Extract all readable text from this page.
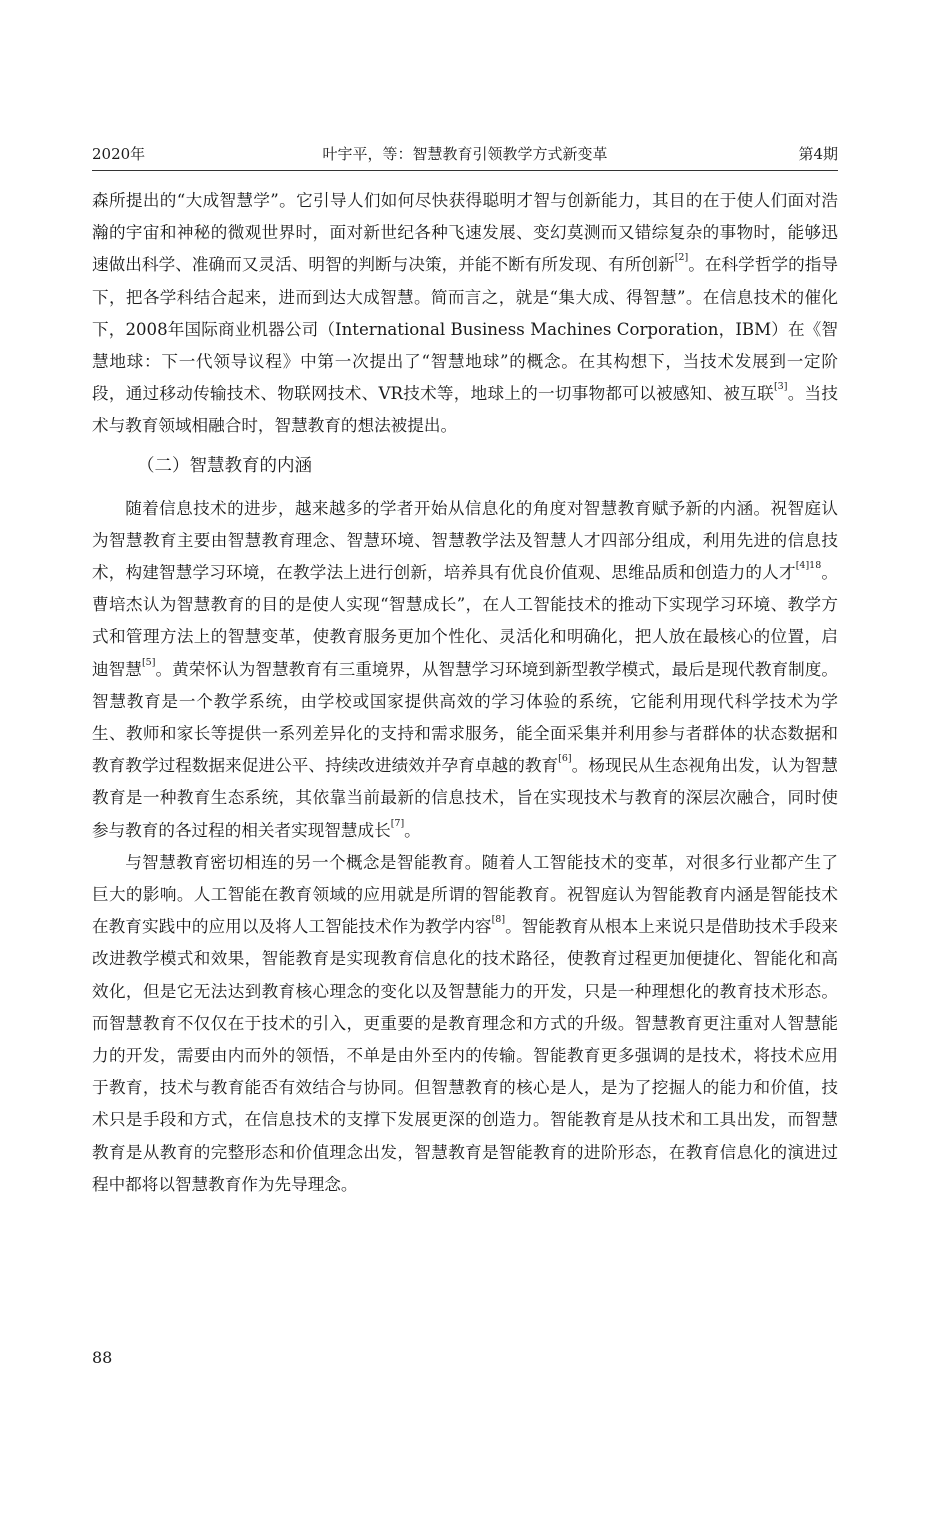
2020年	叶宇平，等：智慧教育引领教学方式新变革	第4期

森所提出的“大成智慧学”。它引导人们如何尽快获得聪明才智与创新能力，其目的在于使人们面对浩瀚的宇宙和神秘的微观世界时，面对新世纪各种飞速发展、变幻莫测而又错综复杂的事物时，能够迅速做出科学、准确而又灵活、明智的判断与决策，并能不断有所发现、有所创新[2]。在科学哲学的指导下，把各学科结合起来，进而到达大成智慧。简而言之，就是“集大成、得智慧”。在信息技术的催化下，2008年国际商业机器公司（International Business Machines Corporation，IBM）在《智慧地球：下一代领导议程》中第一次提出了“智慧地球”的概念。在其构想下，当技术发展到一定阶段，通过移动传输技术、物联网技术、VR技术等，地球上的一切事物都可以被感知、被互联[3]。当技术与教育领域相融合时，智慧教育的想法被提出。

（二）智慧教育的内涵

随着信息技术的进步，越来越多的学者开始从信息化的角度对智慧教育赋予新的内涵。祝智庭认为智慧教育主要由智慧教育理念、智慧环境、智慧教学法及智慧人才四部分组成，利用先进的信息技术，构建智慧学习环境，在教学法上进行创新，培养具有优良价值观、思维品质和创造力的人才$^{[4]18}$。曹培杰认为智慧教育的目的是使人实现“智慧成长”，在人工智能技术的推动下实现学习环境、教学方式和管理方法上的智慧变革，使教育服务更加个性化、灵活化和明确化，把人放在最核心的位置，启迪智慧[5]。黄荣怀认为智慧教育有三重境界，从智慧学习环境到新型教学模式，最后是现代教育制度。智慧教育是一个教学系统，由学校或国家提供高效的学习体验的系统，它能利用现代科学技术为学生、教师和家长等提供一系列差异化的支持和需求服务，能全面采集并利用参与者群体的状态数据和教育教学过程数据来促进公平、持续改进绩效并孕育卓越的教育[6]。杨现民从生态视角出发，认为智慧教育是一种教育生态系统，其依靠当前最新的信息技术，旨在实现技术与教育的深层次融合，同时使参与教育的各过程的相关者实现智慧成长[7]。

与智慧教育密切相连的另一个概念是智能教育。随着人工智能技术的变革，对很多行业都产生了巨大的影响。人工智能在教育领域的应用就是所谓的智能教育。祝智庭认为智能教育内涵是智能技术在教育实践中的应用以及将人工智能技术作为教学内容[8]。智能教育从根本上来说只是借助技术手段来改进教学模式和效果，智能教育是实现教育信息化的技术路径，使教育过程更加便捷化、智能化和高效化，但是它无法达到教育核心理念的变化以及智慧能力的开发，只是一种理想化的教育技术形态。而智慧教育不仅仅在于技术的引入，更重要的是教育理念和方式的升级。智慧教育更注重对人智慧能力的开发，需要由内而外的领悟，不单是由外至内的传输。智能教育更多强调的是技术，将技术应用于教育，技术与教育能否有效结合与协同。但智慧教育的核心是人，是为了挖掘人的能力和价值，技术只是手段和方式，在信息技术的支撑下发展更深的创造力。智能教育是从技术和工具出发，而智慧教育是从教育的完整形态和价值理念出发，智慧教育是智能教育的进阶形态，在教育信息化的演进过程中都将以智慧教育作为先导理念。

88
